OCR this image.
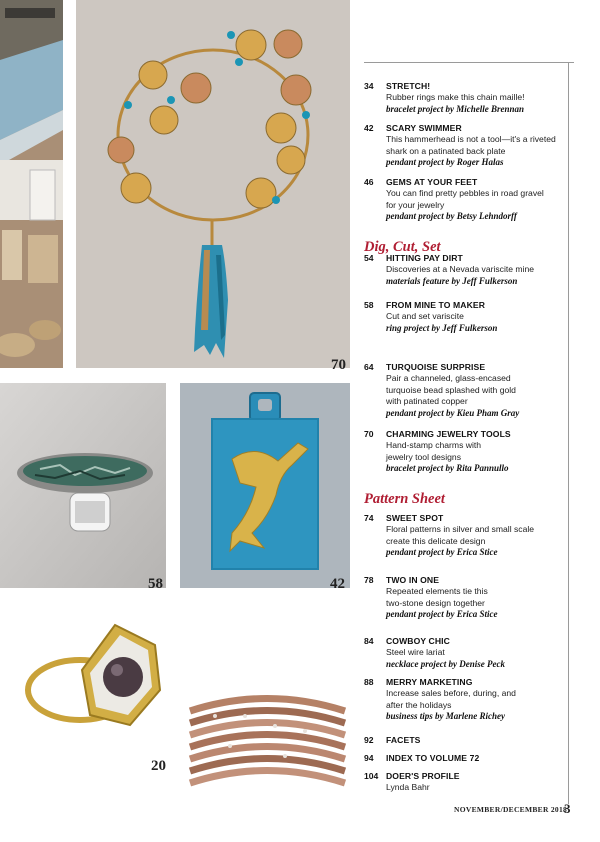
70
58	42
20
Dig, Cut, Set
Pattern Sheet
34 STRETCH!
Rubber rings make this chain maille!
bracelet project by Michelle Brennan
42 SCARY SWIMMER
This hammerhead is not a tool—it's a riveted
shark on a patinated back plate
pendant project by Roger Halas
46 GEMS AT YOUR FEET
You can find pretty pebbles in road gravel
for your jewelry
pendant project by Betsy Lehndorff
54 HITTING PAY DIRT
Discoveries at a Nevada variscite mine
materials feature by Jeff Fulkerson
58 FROM MINE TO MAKER
Cut and set variscite
ring project by Jeff Fulkerson
64 TURQUOISE SURPRISE
Pair a channeled, glass-encased
turquoise bead splashed with gold
with patinated copper
pendant project by Kieu Pham Gray
70 CHARMING JEWELRY TOOLS
Hand-stamp charms with
jewelry tool designs
bracelet project by Rita Pannullo
74 SWEET SPOT
Floral patterns in silver and small scale
create this delicate design
pendant project by Erica Stice
78 TWO IN ONE
Repeated elements tie this
two-stone design together
pendant project by Erica Stice
84 COWBOY CHIC
Steel wire lariat
necklace project by Denise Peck
88 MERRY MARKETING
Increase sales before, during, and
after the holidays
business tips by Marlene Richey
92 FACETS
94 INDEX TO VOLUME 72
104 DOER'S PROFILE
Lynda Bahr
NOVEMBER/DECEMBER 2018
3
